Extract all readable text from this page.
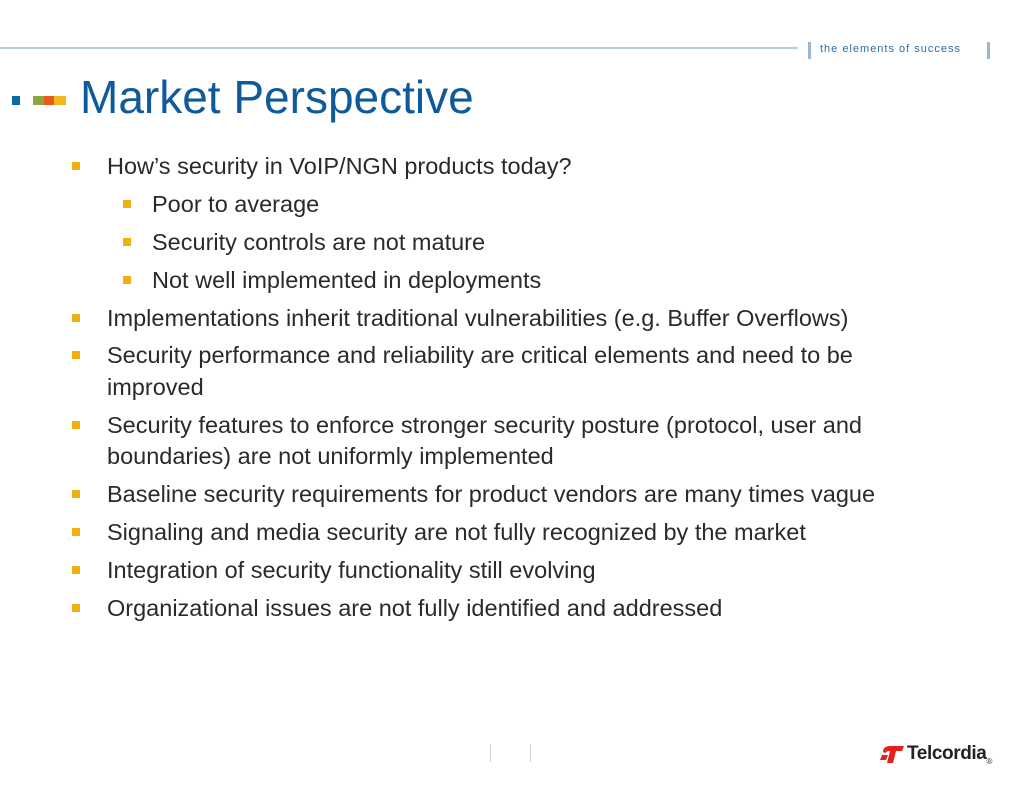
the elements of success
Market Perspective
How’s security in VoIP/NGN products today?
Poor to average
Security controls are not mature
Not well implemented in deployments
Implementations inherit traditional vulnerabilities (e.g. Buffer Overflows)
Security performance and reliability are critical elements and need to be improved
Security features to enforce stronger security posture (protocol, user and boundaries) are not uniformly implemented
Baseline security requirements for product vendors are many times vague
Signaling and media security are not fully recognized by the market
Integration of security functionality still evolving
Organizational issues are not fully identified and addressed
Telcordia$_®$
